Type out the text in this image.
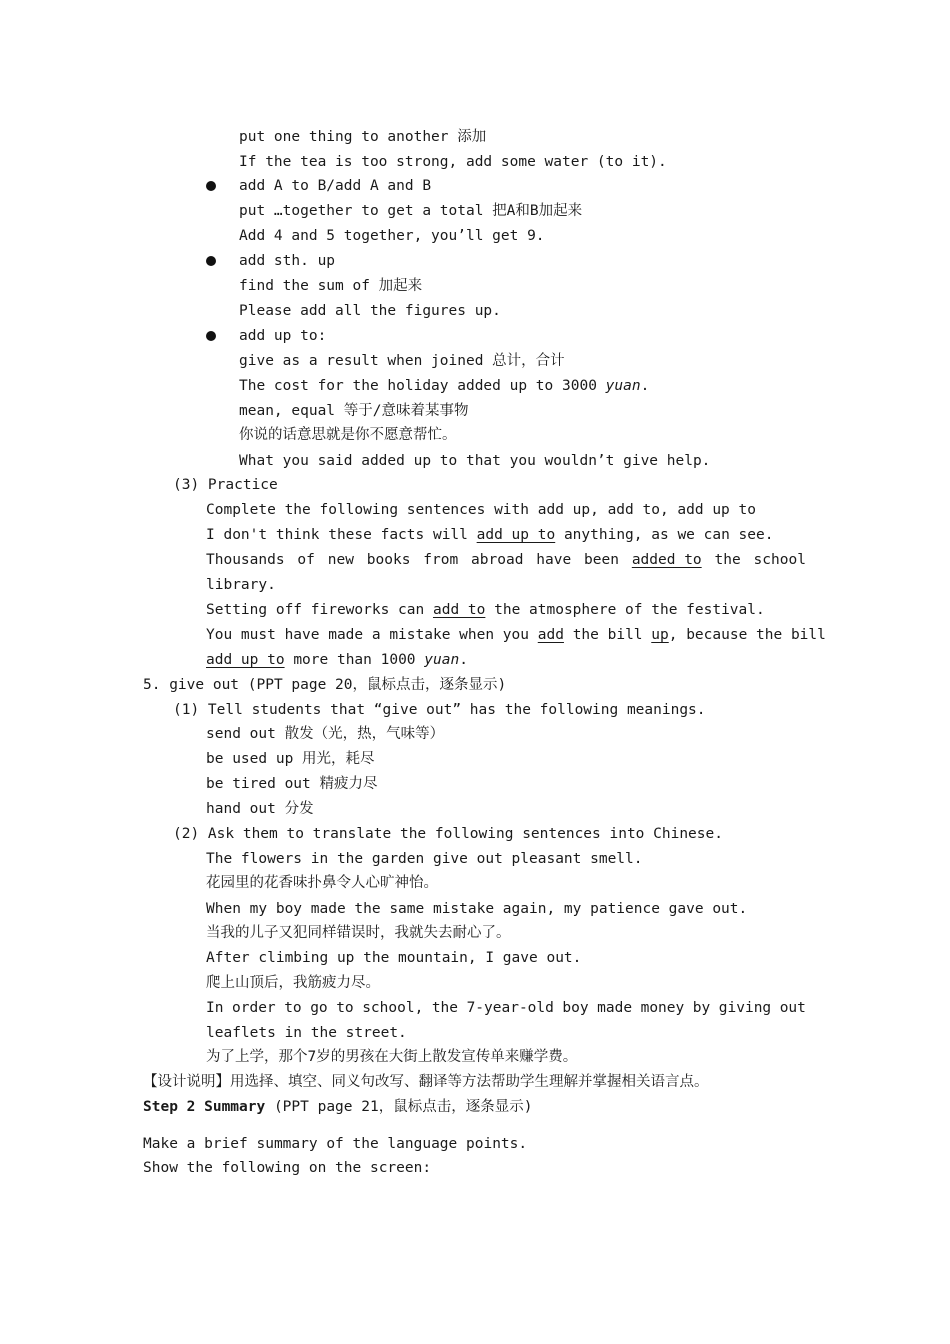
put one thing to another 添加
If the tea is too strong, add some water (to it).
add A to B/add A and B
put …together to get a total 把A和B加起来
Add 4 and 5 together, you’ll get 9.
add sth. up
find the sum of 加起来
Please add all the figures up.
add up to:
give as a result when joined 总计，合计
The cost for the holiday added up to 3000 yuan.
mean, equal 等于/意味着某事物
你说的话意思就是你不愿意帮忙。
What you said added up to that you wouldn’t give help.
(3) Practice
Complete the following sentences with add up, add to, add up to
I don't think these facts will add up to anything, as we can see.
Thousands of new books from abroad have been added to the school
library.
Setting off fireworks can add to the atmosphere of the festival.
You must have made a mistake when you add the bill up, because the bill
add up to more than 1000 yuan.
5. give out (PPT page 20，鼠标点击，逐条显示)
(1) Tell students that “give out” has the following meanings.
send out 散发（光，热，气味等）
be used up 用光，耗尽
be tired out 精疲力尽
hand out 分发
(2) Ask them to translate the following sentences into Chinese.
The flowers in the garden give out pleasant smell.
花园里的花香味扑鼻令人心旷神怡。
When my boy made the same mistake again, my patience gave out.
当我的儿子又犯同样错误时，我就失去耐心了。
After climbing up the mountain, I gave out.
爬上山顶后，我筋疲力尽。
In order to go to school, the 7-year-old boy made money by giving out
leaflets in the street.
为了上学，那个7岁的男孩在大街上散发宣传单来赚学费。
【设计说明】用选择、填空、同义句改写、翻译等方法帮助学生理解并掌握相关语言点。
Step 2 Summary (PPT page 21，鼠标点击，逐条显示)
Make a brief summary of the language points.
Show the following on the screen:
